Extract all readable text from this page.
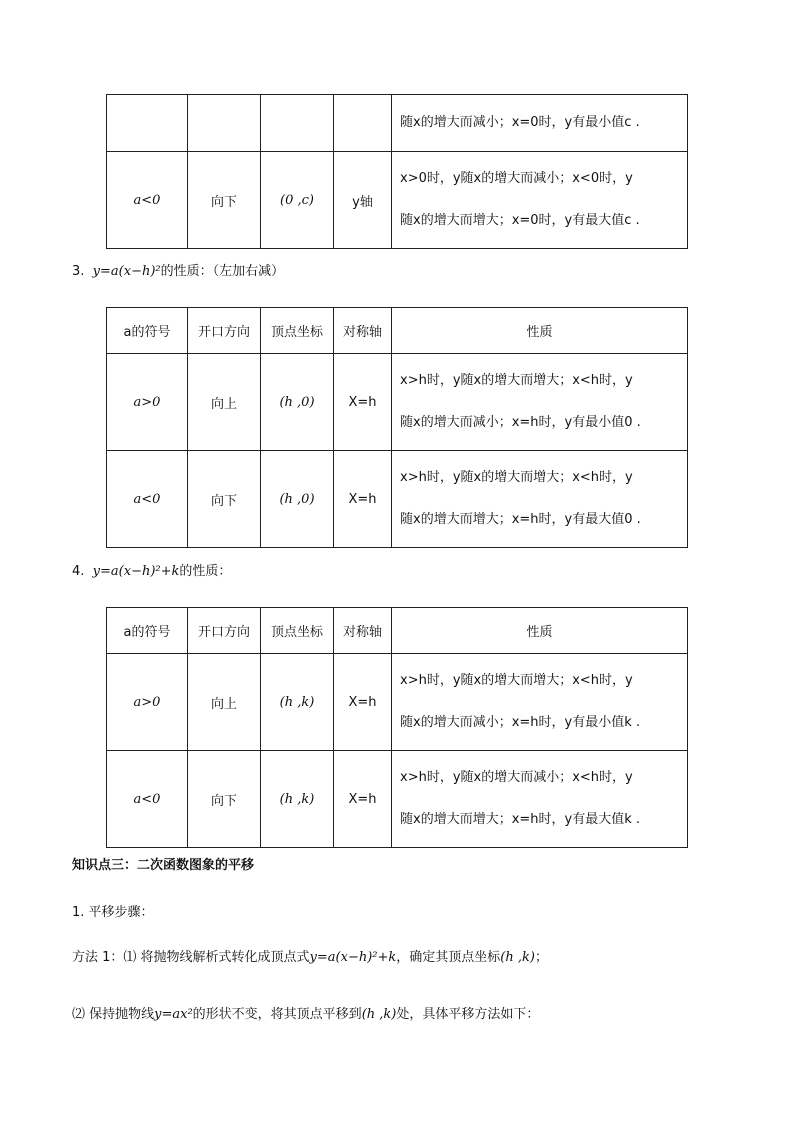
				随x的增大而减小；x=0时，y有最小值c .
a<0	向下	(0 ,c)	y轴	x>0时，y随x的增大而减小；x<0时，y
随x的增大而增大；x=0时，y有最大值c .
3. y=a(x−h)²的性质：（左加右减）
a的符号	开口方向	顶点坐标	对称轴	性质
a>0	向上	(h ,0)	X=h	x>h时，y随x的增大而增大；x<h时，y
随x的增大而减小；x=h时，y有最小值0 .

a<0	向下	(h ,0)	X=h	x>h时，y随x的增大而增大；x<h时，y
随x的增大而增大；x=h时，y有最大值0 .
4. y=a(x−h)²+k的性质：
a的符号	开口方向	顶点坐标	对称轴	性质
a>0	向上	(h ,k)	X=h	x>h时，y随x的增大而增大；x<h时，y
随x的增大而减小；x=h时，y有最小值k .

a<0	向下	(h ,k)	X=h	x>h时，y随x的增大而减小；x<h时，y
随x的增大而增大；x=h时，y有最大值k .
知识点三：二次函数图象的平移
1. 平移步骤：
方法 1：⑴ 将抛物线解析式转化成顶点式y=a(x−h)²+k，确定其顶点坐标(h ,k)；
⑵ 保持抛物线y=ax²的形状不变，将其顶点平移到(h ,k)处，具体平移方法如下：
